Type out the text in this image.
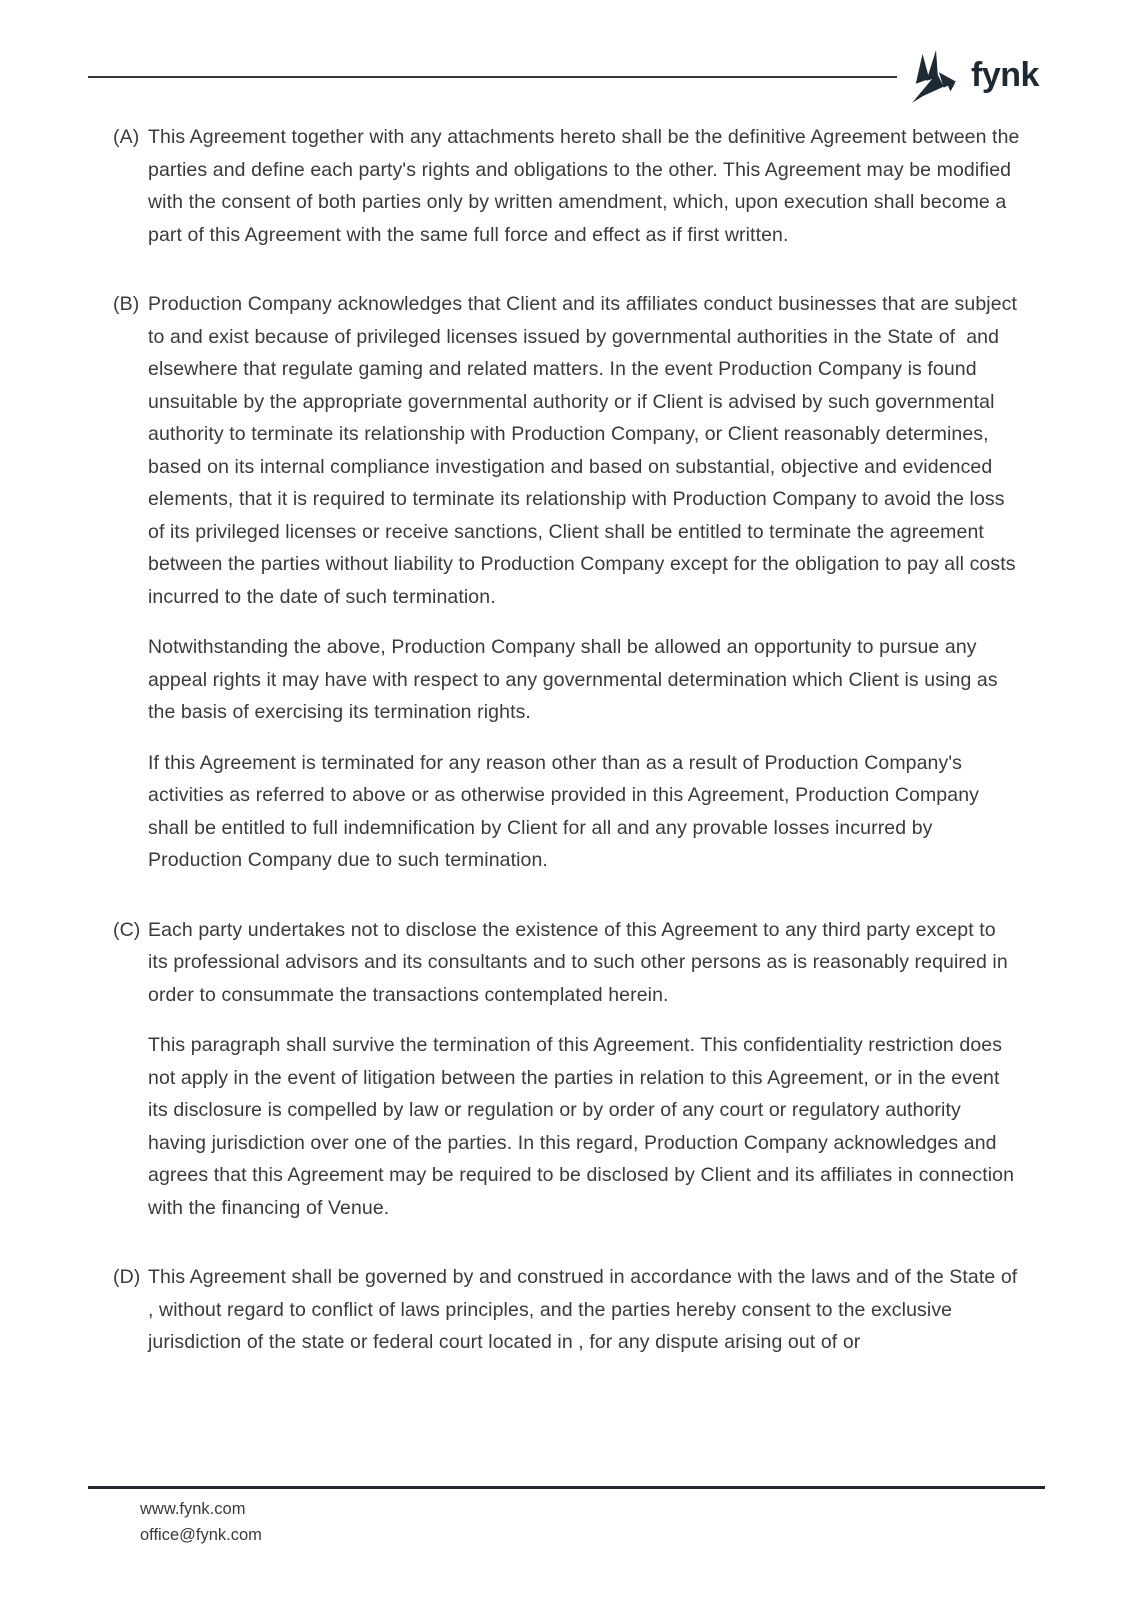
fynk
(A) This Agreement together with any attachments hereto shall be the definitive Agreement between the parties and define each party's rights and obligations to the other. This Agreement may be modified with the consent of both parties only by written amendment, which, upon execution shall become a part of this Agreement with the same full force and effect as if first written.

(B) Production Company acknowledges that Client and its affiliates conduct businesses that are subject to and exist because of privileged licenses issued by governmental authorities in the State of  and elsewhere that regulate gaming and related matters. In the event Production Company is found unsuitable by the appropriate governmental authority or if Client is advised by such governmental authority to terminate its relationship with Production Company, or Client reasonably determines, based on its internal compliance investigation and based on substantial, objective and evidenced elements, that it is required to terminate its relationship with Production Company to avoid the loss of its privileged licenses or receive sanctions, Client shall be entitled to terminate the agreement between the parties without liability to Production Company except for the obligation to pay all costs incurred to the date of such termination.

Notwithstanding the above, Production Company shall be allowed an opportunity to pursue any appeal rights it may have with respect to any governmental determination which Client is using as the basis of exercising its termination rights.

If this Agreement is terminated for any reason other than as a result of Production Company's activities as referred to above or as otherwise provided in this Agreement, Production Company shall be entitled to full indemnification by Client for all and any provable losses incurred by Production Company due to such termination.

(C) Each party undertakes not to disclose the existence of this Agreement to any third party except to its professional advisors and its consultants and to such other persons as is reasonably required in order to consummate the transactions contemplated herein.

This paragraph shall survive the termination of this Agreement. This confidentiality restriction does not apply in the event of litigation between the parties in relation to this Agreement, or in the event its disclosure is compelled by law or regulation or by order of any court or regulatory authority having jurisdiction over one of the parties. In this regard, Production Company acknowledges and agrees that this Agreement may be required to be disclosed by Client and its affiliates in connection with the financing of Venue.

(D) This Agreement shall be governed by and construed in accordance with the laws and of the State of , without regard to conflict of laws principles, and the parties hereby consent to the exclusive jurisdiction of the state or federal court located in , for any dispute arising out of or

www.fynk.com
office@fynk.com
